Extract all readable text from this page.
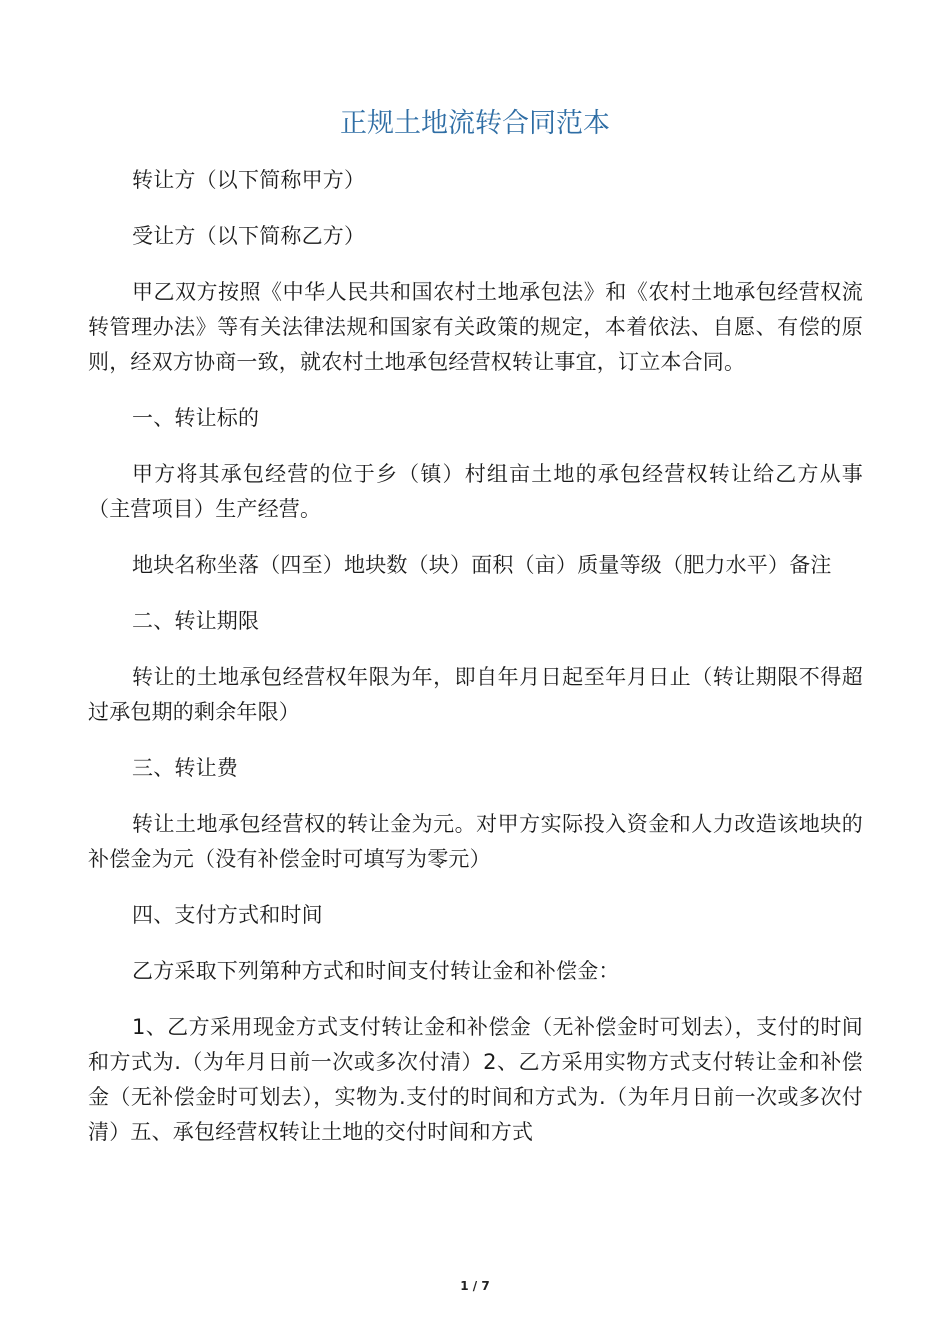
正规土地流转合同范本

转让方（以下简称甲方）

受让方（以下简称乙方）

甲乙双方按照《中华人民共和国农村土地承包法》和《农村土地承包经营权流转管理办法》等有关法律法规和国家有关政策的规定，本着依法、自愿、有偿的原则，经双方协商一致，就农村土地承包经营权转让事宜，订立本合同。

一、转让标的

甲方将其承包经营的位于乡（镇）村组亩土地的承包经营权转让给乙方从事（主营项目）生产经营。

地块名称坐落（四至）地块数（块）面积（亩）质量等级（肥力水平）备注

二、转让期限

转让的土地承包经营权年限为年，即自年月日起至年月日止（转让期限不得超过承包期的剩余年限）

三、转让费

转让土地承包经营权的转让金为元。对甲方实际投入资金和人力改造该地块的补偿金为元（没有补偿金时可填写为零元）

四、支付方式和时间

乙方采取下列第种方式和时间支付转让金和补偿金：

1、乙方采用现金方式支付转让金和补偿金（无补偿金时可划去），支付的时间和方式为.（为年月日前一次或多次付清）2、乙方采用实物方式支付转让金和补偿金（无补偿金时可划去），实物为.支付的时间和方式为.（为年月日前一次或多次付清）五、承包经营权转让土地的交付时间和方式

1 / 7
